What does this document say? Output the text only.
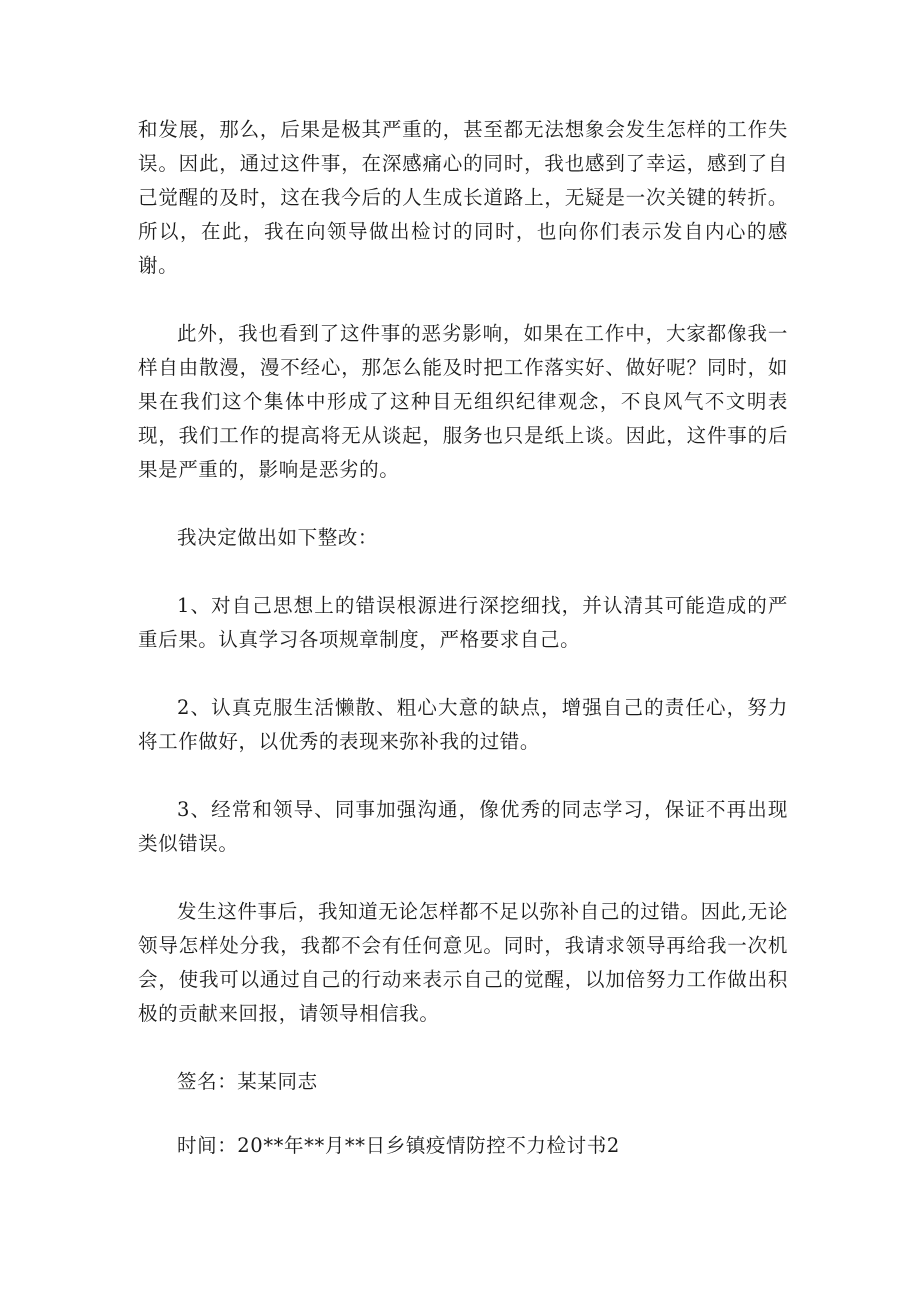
和发展，那么，后果是极其严重的，甚至都无法想象会发生怎样的工作失误。因此，通过这件事，在深感痛心的同时，我也感到了幸运，感到了自己觉醒的及时，这在我今后的人生成长道路上，无疑是一次关键的转折。所以，在此，我在向领导做出检讨的同时，也向你们表示发自内心的感谢。

此外，我也看到了这件事的恶劣影响，如果在工作中，大家都像我一样自由散漫，漫不经心，那怎么能及时把工作落实好、做好呢？同时，如果在我们这个集体中形成了这种目无组织纪律观念，不良风气不文明表现，我们工作的提高将无从谈起，服务也只是纸上谈。因此，这件事的后果是严重的，影响是恶劣的。

我决定做出如下整改：

1、对自己思想上的错误根源进行深挖细找，并认清其可能造成的严重后果。认真学习各项规章制度，严格要求自己。

2、认真克服生活懒散、粗心大意的缺点，增强自己的责任心，努力将工作做好，以优秀的表现来弥补我的过错。

3、经常和领导、同事加强沟通，像优秀的同志学习，保证不再出现类似错误。

发生这件事后，我知道无论怎样都不足以弥补自己的过错。因此,无论领导怎样处分我，我都不会有任何意见。同时，我请求领导再给我一次机会，使我可以通过自己的行动来表示自己的觉醒，以加倍努力工作做出积极的贡献来回报，请领导相信我。

签名：某某同志

时间：20**年**月**日乡镇疫情防控不力检讨书2
